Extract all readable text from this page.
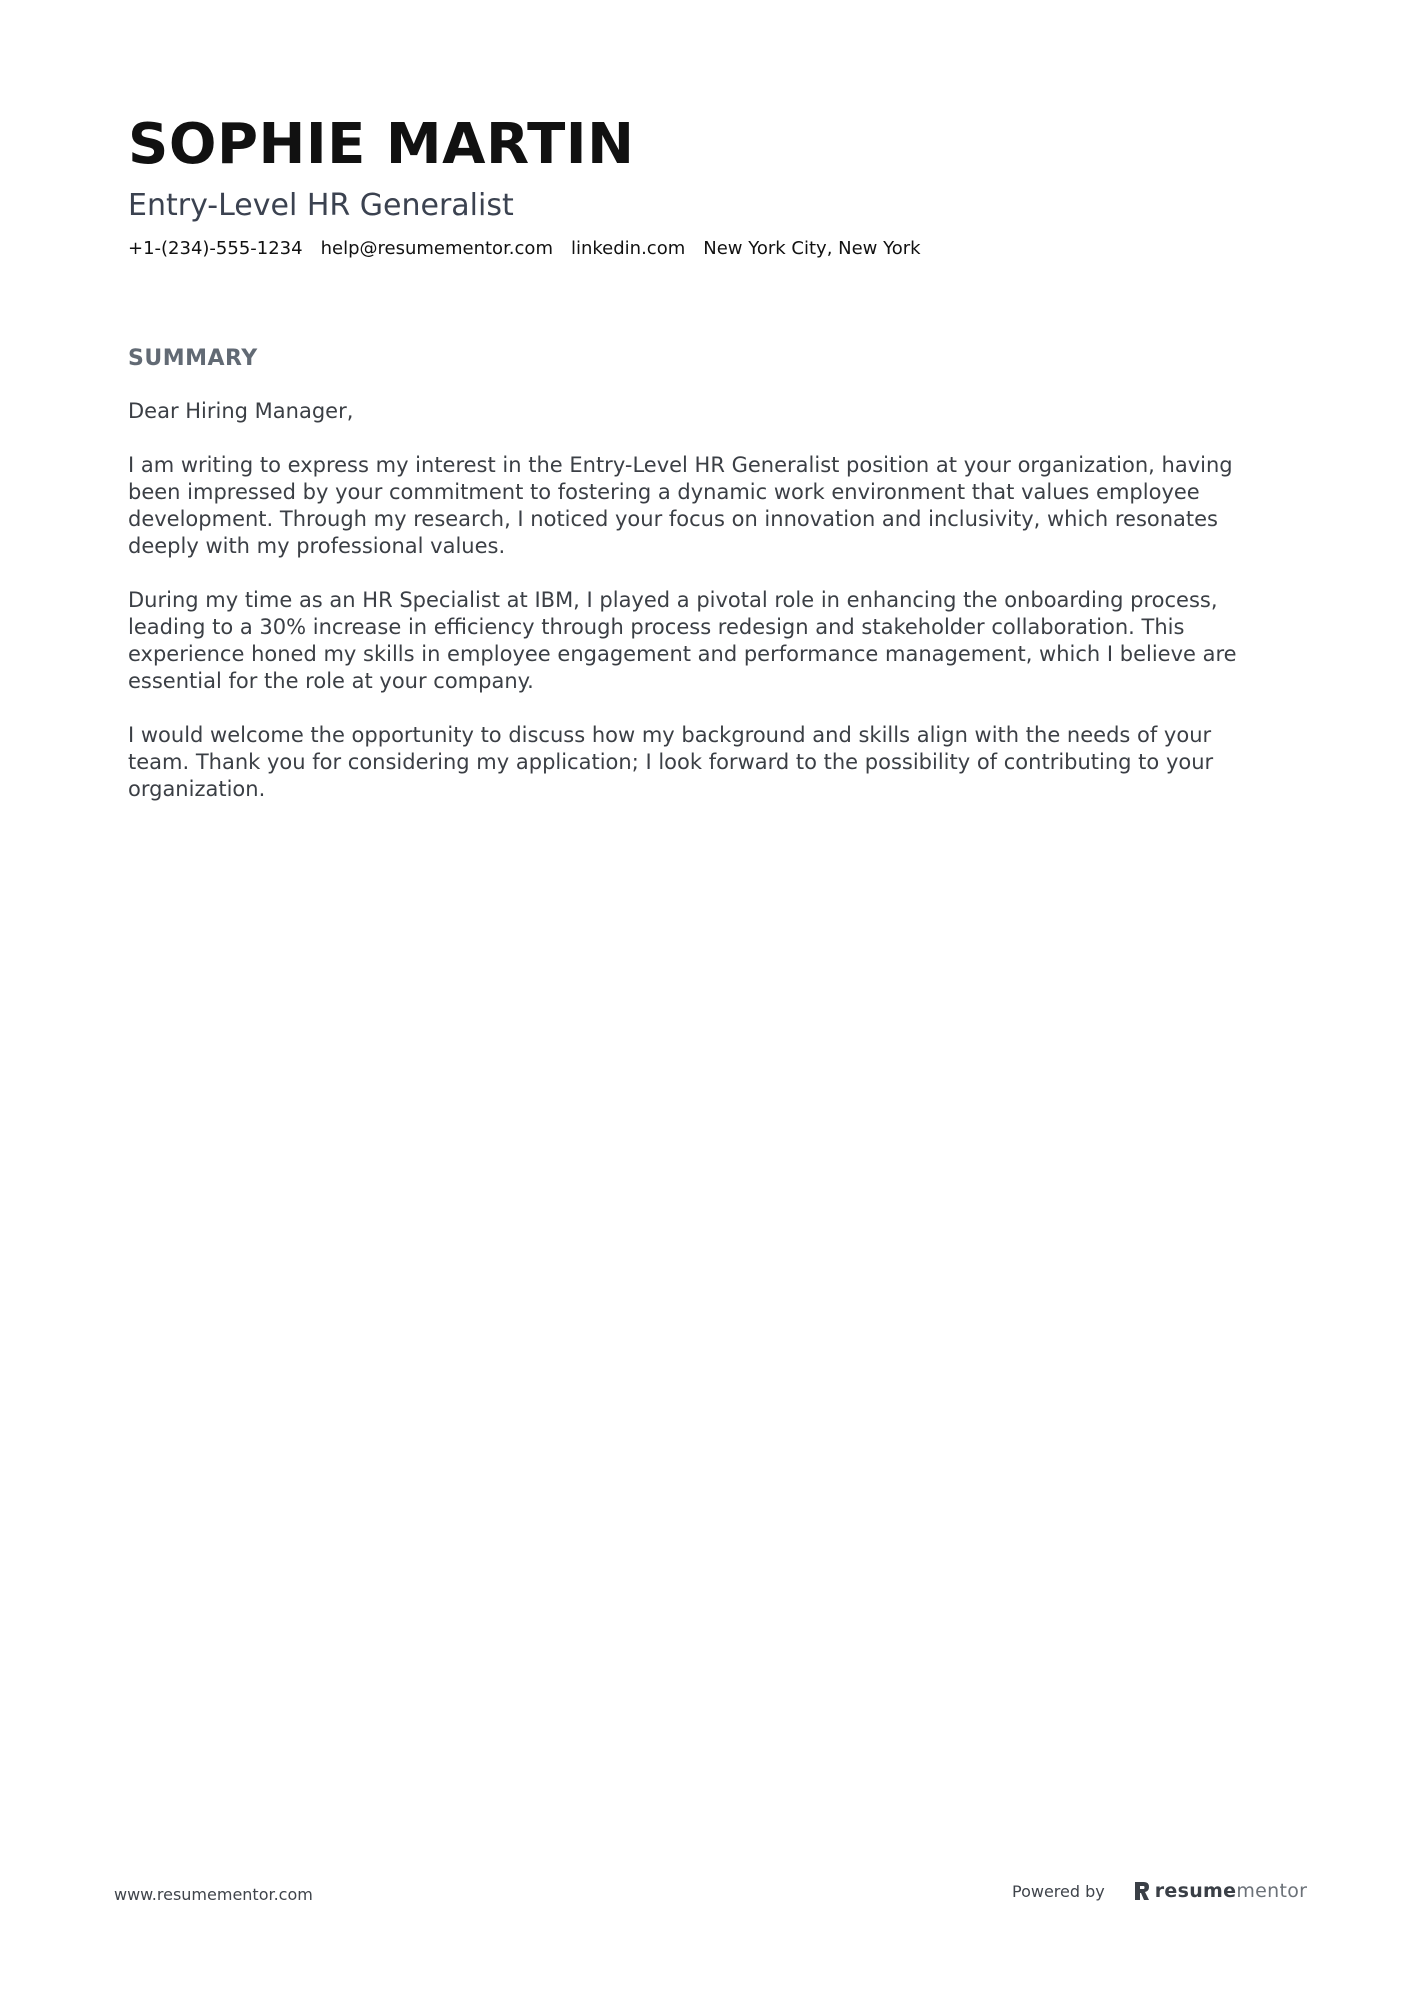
SOPHIE MARTIN
Entry-Level HR Generalist
+1-(234)-555-1234 help@resumementor.com linkedin.com New York City, New York
SUMMARY

Dear Hiring Manager,

I am writing to express my interest in the Entry-Level HR Generalist position at your organization, having been impressed by your commitment to fostering a dynamic work environment that values employee development. Through my research, I noticed your focus on innovation and inclusivity, which resonates deeply with my professional values.

During my time as an HR Specialist at IBM, I played a pivotal role in enhancing the onboarding process, leading to a 30% increase in efficiency through process redesign and stakeholder collaboration. This experience honed my skills in employee engagement and performance management, which I believe are essential for the role at your company.

I would welcome the opportunity to discuss how my background and skills align with the needs of your team. Thank you for considering my application; I look forward to the possibility of contributing to your organization.

www.resumementor.com	Powered by	resumementor
